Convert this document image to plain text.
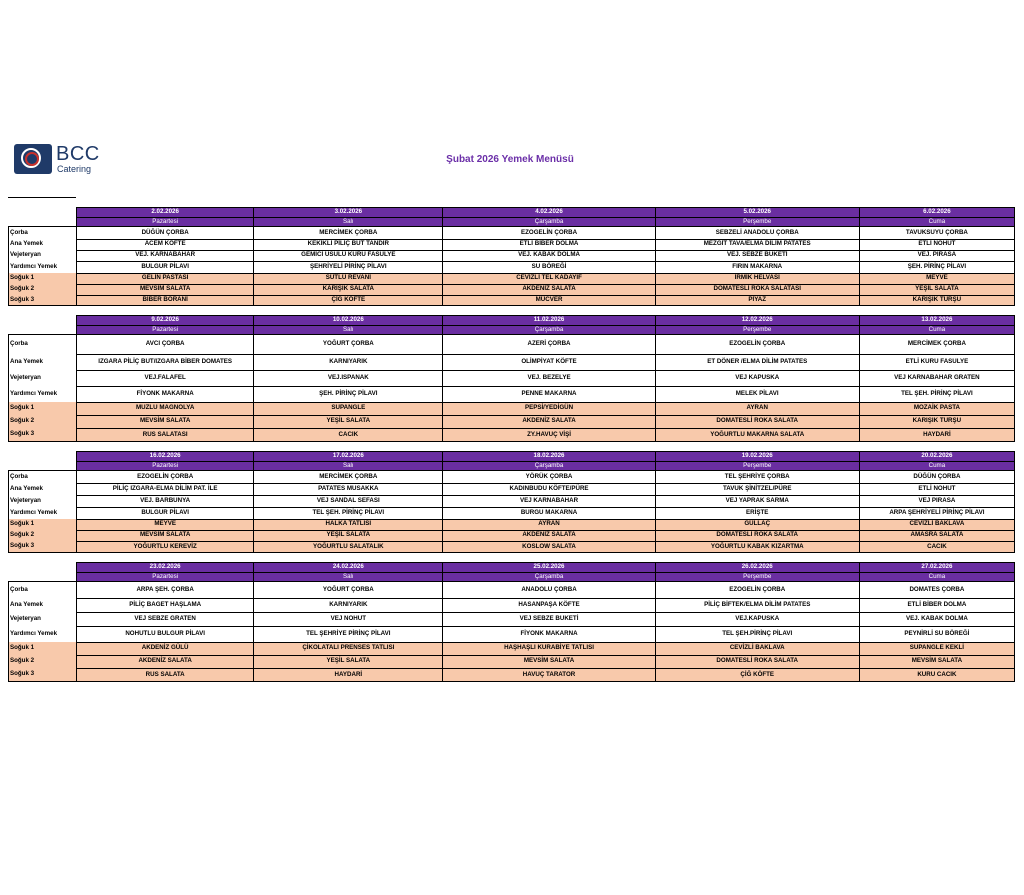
BCC
Catering
Şubat 2026 Yemek Menüsü
	2.02.2026	3.02.2026	4.02.2026	5.02.2026	6.02.2026
	Pazartesi	Salı	Çarşamba	Perşembe	Cuma
Çorba	DÜĞÜN ÇORBA	MERCİMEK ÇORBA	EZOGELİN ÇORBA	SEBZELİ ANADOLU ÇORBA	TAVUKSUYU ÇORBA
Ana Yemek	ACEM KÖFTE	KEKİKLİ PİLİÇ BUT TANDIR	ETLİ BİBER DOLMA	MEZGİT TAVA/ELMA DİLİM PATATES	ETLİ NOHUT
Vejeteryan	VEJ. KARNABAHAR	GEMİCİ USULÜ KURU FASULYE	VEJ. KABAK DOLMA	VEJ. SEBZE BUKETİ	VEJ. PIRASA
Yardımcı Yemek	BULGUR PİLAVI	ŞEHRİYELİ PİRİNÇ PİLAVI	SU BÖREĞİ	FIRIN MAKARNA	ŞEH. PİRİNÇ PİLAVI
Soğuk 1	GELİN PASTASI	SÜTLÜ REVANİ	CEVİZLİ TEL KADAYIF	İRMİK HELVASI	MEYVE
Soğuk 2	MEVSİM SALATA	KARIŞIK SALATA	AKDENİZ SALATA	DOMATESLİ ROKA SALATASI	YEŞİL SALATA
Soğuk 3	BİBER BORANİ	ÇİĞ KÖFTE	MÜCVER	PİYAZ	KARIŞIK TURŞU
	9.02.2026	10.02.2026	11.02.2026	12.02.2026	13.02.2026
	Pazartesi	Salı	Çarşamba	Perşembe	Cuma
Çorba	AVCI ÇORBA	YOĞURT ÇORBA	AZERİ ÇORBA	EZOGELİN ÇORBA	MERCİMEK ÇORBA
Ana Yemek	IZGARA PİLİÇ BUT/IZGARA BİBER DOMATES	KARNIYARIK	OLİMPİYAT KÖFTE	ET DÖNER /ELMA DİLİM PATATES	ETLİ KURU FASULYE
Vejeteryan	VEJ.FALAFEL	VEJ.ISPANAK	VEJ. BEZELYE	VEJ KAPUSKA	VEJ KARNABAHAR GRATEN
Yardımcı Yemek	FİYONK MAKARNA	ŞEH. PİRİNÇ PİLAVI	PENNE MAKARNA	MELEK PİLAVI	TEL ŞEH. PİRİNÇ PİLAVI
Soğuk 1	MUZLU MAGNOLYA	SUPANGLE	PEPSİ/YEDİGÜN	AYRAN	MOZAİK PASTA
Soğuk 2	MEVSİM SALATA	YEŞİL SALATA	AKDENİZ SALATA	DOMATESLİ ROKA SALATA	KARIŞIK TURŞU
Soğuk 3	RUS SALATASI	CACIK	ZY.HAVUÇ VİŞİ	YOĞURTLU MAKARNA SALATA	HAYDARİ
	16.02.2026	17.02.2026	18.02.2026	19.02.2026	20.02.2026
	Pazartesi	Salı	Çarşamba	Perşembe	Cuma
Çorba	EZOGELİN ÇORBA	MERCİMEK ÇORBA	YÖRÜK ÇORBA	TEL ŞEHRİYE ÇORBA	DÜĞÜN ÇORBA
Ana Yemek	PİLİÇ IZGARA-ELMA DİLİM PAT. İLE	PATATES MUSAKKA	KADINBUDU KÖFTE/PÜRE	TAVUK ŞİNİTZEL/PÜRE	ETLİ NOHUT
Vejeteryan	VEJ. BARBUNYA	VEJ SANDAL SEFASI	VEJ KARNABAHAR	VEJ YAPRAK SARMA	VEJ PIRASA
Yardımcı Yemek	BULGUR PİLAVI	TEL ŞEH. PİRİNÇ PİLAVI	BURGU MAKARNA	ERİŞTE	ARPA ŞEHRİYELİ PİRİNÇ PİLAVI
Soğuk 1	MEYVE	HALKA TATLISI	AYRAN	GÜLLAÇ	CEVİZLİ BAKLAVA
Soğuk 2	MEVSİM SALATA	YEŞİL SALATA	AKDENİZ SALATA	DOMATESLİ ROKA SALATA	AMASRA SALATA
Soğuk 3	YOĞURTLU KEREVİZ	YOĞURTLU SALATALIK	KOSLOW SALATA	YOĞURTLU KABAK KIZARTMA	CACIK
	23.02.2026	24.02.2026	25.02.2026	26.02.2026	27.02.2026
	Pazartesi	Salı	Çarşamba	Perşembe	Cuma
Çorba	ARPA ŞEH. ÇORBA	YOĞURT ÇORBA	ANADOLU ÇORBA	EZOGELİN ÇORBA	DOMATES ÇORBA
Ana Yemek	PİLİÇ BAGET HAŞLAMA	KARNIYARIK	HASANPAŞA KÖFTE	PİLİÇ BİFTEK/ELMA DİLİM PATATES	ETLİ BİBER DOLMA
Vejeteryan	VEJ SEBZE GRATEN	VEJ NOHUT	VEJ SEBZE BUKETİ	VEJ.KAPUSKA	VEJ. KABAK DOLMA
Yardımcı Yemek	NOHUTLU BULGUR PİLAVI	TEL ŞEHRİYE PİRİNÇ PİLAVI	FİYONK MAKARNA	TEL ŞEH.PİRİNÇ PİLAVI	PEYNİRLİ SU BÖREĞİ
Soğuk 1	AKDENİZ GÜLÜ	ÇİKOLATALI PRENSES TATLISI	HAŞHAŞLI KURABİYE TATLISI	CEVİZLİ BAKLAVA	SUPANGLE KEKLİ
Soğuk 2	AKDENİZ SALATA	YEŞİL SALATA	MEVSİM SALATA	DOMATESLİ ROKA SALATA	MEVSİM SALATA
Soğuk 3	RUS SALATA	HAYDARİ	HAVUÇ TARATOR	ÇİĞ KÖFTE	KURU CACIK
